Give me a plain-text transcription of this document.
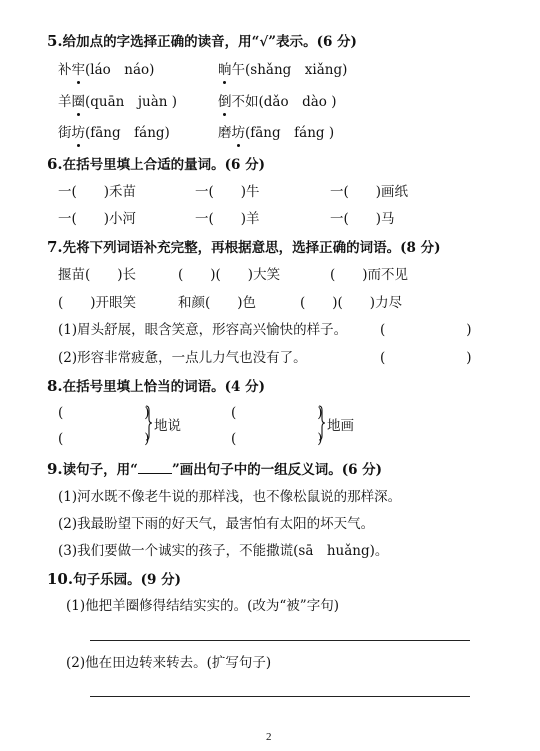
5.给加点的字选择正确的读音，用“√”表示。(6 分)
补牢(láo　náo)	晌午(shǎng　xiǎng)
羊圈(quān　juàn )	倒不如(dǎo　dào )
街坊(fāng　fáng)	磨坊(fāng　fáng )
6.在括号里填上合适的量词。(6 分)
一(　　)禾苗	一(　　)牛	一(　　)画纸
一(　　)小河	一(　　)羊	一(　　)马
7.先将下列词语补充完整，再根据意思，选择正确的词语。(8 分)
揠苗(　　)长	(　　)(　　)大笑	(　　)而不见
(　　)开眼笑	和颜(　　)色	(　　)(　　)力尽
(1)眉头舒展，眼含笑意，形容高兴愉快的样子。 (　　　　　　)
(2)形容非常疲惫，一点儿力气也没有了。	(　　　　　　)
8.在括号里填上恰当的词语。(4 分)
(　　　　　　)
(　　　　　　)
地说
(　　　　　　)
(　　　　　　)
地画
9.读句子，用“	”画出句子中的一组反义词。(6 分)
(1)河水既不像老牛说的那样浅，也不像松鼠说的那样深。
(2)我最盼望下雨的好天气，最害怕有太阳的坏天气。
(3)我们要做一个诚实的孩子，不能撒谎(sā　huǎng)。
10.句子乐园。(9 分)
(1)他把羊圈修得结结实实的。(改为“被”字句)
(2)他在田边转来转去。(扩写句子)
2
